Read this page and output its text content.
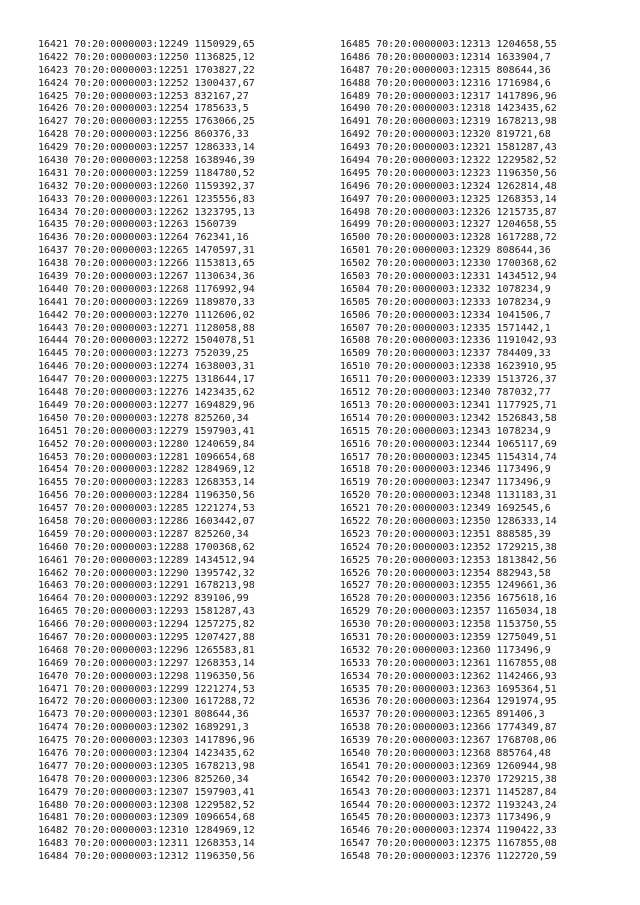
16421 70:20:0000003:12249 1150929,65
16422 70:20:0000003:12250 1136825,12
16423 70:20:0000003:12251 1703827,22
16424 70:20:0000003:12252 1300437,67
16425 70:20:0000003:12253 832167,27
16426 70:20:0000003:12254 1785633,5
16427 70:20:0000003:12255 1763066,25
16428 70:20:0000003:12256 860376,33
16429 70:20:0000003:12257 1286333,14
16430 70:20:0000003:12258 1638946,39
16431 70:20:0000003:12259 1184780,52
16432 70:20:0000003:12260 1159392,37
16433 70:20:0000003:12261 1235556,83
16434 70:20:0000003:12262 1323795,13
16435 70:20:0000003:12263 1560739
16436 70:20:0000003:12264 762341,16
16437 70:20:0000003:12265 1470597,31
16438 70:20:0000003:12266 1153813,65
16439 70:20:0000003:12267 1130634,36
16440 70:20:0000003:12268 1176992,94
16441 70:20:0000003:12269 1189870,33
16442 70:20:0000003:12270 1112606,02
16443 70:20:0000003:12271 1128058,88
16444 70:20:0000003:12272 1504078,51
16445 70:20:0000003:12273 752039,25
16446 70:20:0000003:12274 1638003,31
16447 70:20:0000003:12275 1318644,17
16448 70:20:0000003:12276 1423435,62
16449 70:20:0000003:12277 1694829,96
16450 70:20:0000003:12278 825260,34
16451 70:20:0000003:12279 1597903,41
16452 70:20:0000003:12280 1240659,84
16453 70:20:0000003:12281 1096654,68
16454 70:20:0000003:12282 1284969,12
16455 70:20:0000003:12283 1268353,14
16456 70:20:0000003:12284 1196350,56
16457 70:20:0000003:12285 1221274,53
16458 70:20:0000003:12286 1603442,07
16459 70:20:0000003:12287 825260,34
16460 70:20:0000003:12288 1700368,62
16461 70:20:0000003:12289 1434512,94
16462 70:20:0000003:12290 1395742,32
16463 70:20:0000003:12291 1678213,98
16464 70:20:0000003:12292 839106,99
16465 70:20:0000003:12293 1581287,43
16466 70:20:0000003:12294 1257275,82
16467 70:20:0000003:12295 1207427,88
16468 70:20:0000003:12296 1265583,81
16469 70:20:0000003:12297 1268353,14
16470 70:20:0000003:12298 1196350,56
16471 70:20:0000003:12299 1221274,53
16472 70:20:0000003:12300 1617288,72
16473 70:20:0000003:12301 808644,36
16474 70:20:0000003:12302 1689291,3
16475 70:20:0000003:12303 1417896,96
16476 70:20:0000003:12304 1423435,62
16477 70:20:0000003:12305 1678213,98
16478 70:20:0000003:12306 825260,34
16479 70:20:0000003:12307 1597903,41
16480 70:20:0000003:12308 1229582,52
16481 70:20:0000003:12309 1096654,68
16482 70:20:0000003:12310 1284969,12
16483 70:20:0000003:12311 1268353,14
16484 70:20:0000003:12312 1196350,56
16485 70:20:0000003:12313 1204658,55
16486 70:20:0000003:12314 1633904,7
16487 70:20:0000003:12315 808644,36
16488 70:20:0000003:12316 1716984,6
16489 70:20:0000003:12317 1417896,96
16490 70:20:0000003:12318 1423435,62
16491 70:20:0000003:12319 1678213,98
16492 70:20:0000003:12320 819721,68
16493 70:20:0000003:12321 1581287,43
16494 70:20:0000003:12322 1229582,52
16495 70:20:0000003:12323 1196350,56
16496 70:20:0000003:12324 1262814,48
16497 70:20:0000003:12325 1268353,14
16498 70:20:0000003:12326 1215735,87
16499 70:20:0000003:12327 1204658,55
16500 70:20:0000003:12328 1617288,72
16501 70:20:0000003:12329 808644,36
16502 70:20:0000003:12330 1700368,62
16503 70:20:0000003:12331 1434512,94
16504 70:20:0000003:12332 1078234,9
16505 70:20:0000003:12333 1078234,9
16506 70:20:0000003:12334 1041506,7
16507 70:20:0000003:12335 1571442,1
16508 70:20:0000003:12336 1191042,93
16509 70:20:0000003:12337 784409,33
16510 70:20:0000003:12338 1623910,95
16511 70:20:0000003:12339 1513726,37
16512 70:20:0000003:12340 787032,77
16513 70:20:0000003:12341 1177925,71
16514 70:20:0000003:12342 1526843,58
16515 70:20:0000003:12343 1078234,9
16516 70:20:0000003:12344 1065117,69
16517 70:20:0000003:12345 1154314,74
16518 70:20:0000003:12346 1173496,9
16519 70:20:0000003:12347 1173496,9
16520 70:20:0000003:12348 1131183,31
16521 70:20:0000003:12349 1692545,6
16522 70:20:0000003:12350 1286333,14
16523 70:20:0000003:12351 888585,39
16524 70:20:0000003:12352 1729215,38
16525 70:20:0000003:12353 1813842,56
16526 70:20:0000003:12354 882943,58
16527 70:20:0000003:12355 1249661,36
16528 70:20:0000003:12356 1675618,16
16529 70:20:0000003:12357 1165034,18
16530 70:20:0000003:12358 1153750,55
16531 70:20:0000003:12359 1275049,51
16532 70:20:0000003:12360 1173496,9
16533 70:20:0000003:12361 1167855,08
16534 70:20:0000003:12362 1142466,93
16535 70:20:0000003:12363 1695364,51
16536 70:20:0000003:12364 1291974,95
16537 70:20:0000003:12365 891406,3
16538 70:20:0000003:12366 1774349,87
16539 70:20:0000003:12367 1768708,06
16540 70:20:0000003:12368 885764,48
16541 70:20:0000003:12369 1260944,98
16542 70:20:0000003:12370 1729215,38
16543 70:20:0000003:12371 1145287,84
16544 70:20:0000003:12372 1193243,24
16545 70:20:0000003:12373 1173496,9
16546 70:20:0000003:12374 1190422,33
16547 70:20:0000003:12375 1167855,08
16548 70:20:0000003:12376 1122720,59
